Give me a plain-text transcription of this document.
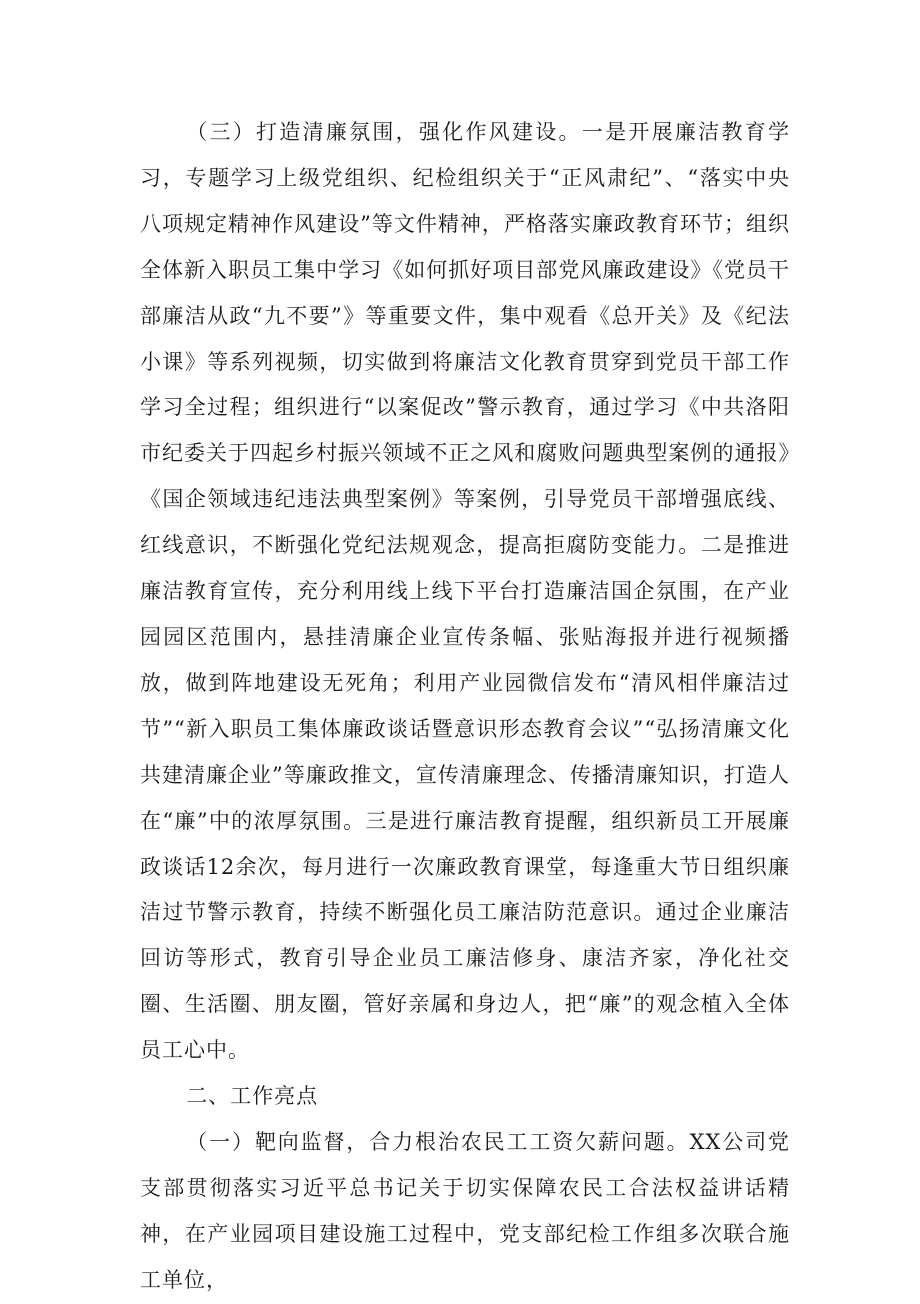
（三）打造清廉氛围，强化作风建设。一是开展廉洁教育学习，专题学习上级党组织、纪检组织关于“正风肃纪”、“落实中央八项规定精神作风建设”等文件精神，严格落实廉政教育环节；组织全体新入职员工集中学习《如何抓好项目部党风廉政建设》《党员干部廉洁从政“九不要”》等重要文件，集中观看《总开关》及《纪法小课》等系列视频，切实做到将廉洁文化教育贯穿到党员干部工作学习全过程；组织进行“以案促改”警示教育，通过学习《中共洛阳市纪委关于四起乡村振兴领域不正之风和腐败问题典型案例的通报》《国企领域违纪违法典型案例》等案例，引导党员干部增强底线、红线意识，不断强化党纪法规观念，提高拒腐防变能力。二是推进廉洁教育宣传，充分利用线上线下平台打造廉洁国企氛围，在产业园园区范围内，悬挂清廉企业宣传条幅、张贴海报并进行视频播放，做到阵地建设无死角；利用产业园微信发布“清风相伴廉洁过节”“新入职员工集体廉政谈话暨意识形态教育会议”“弘扬清廉文化共建清廉企业”等廉政推文，宣传清廉理念、传播清廉知识，打造人在“廉”中的浓厚氛围。三是进行廉洁教育提醒，组织新员工开展廉政谈话12余次，每月进行一次廉政教育课堂，每逢重大节日组织廉洁过节警示教育，持续不断强化员工廉洁防范意识。通过企业廉洁回访等形式，教育引导企业员工廉洁修身、康洁齐家，净化社交圈、生活圈、朋友圈，管好亲属和身边人，把“廉”的观念植入全体员工心中。

二、工作亮点

（一）靶向监督，合力根治农民工工资欠薪问题。XX公司党支部贯彻落实习近平总书记关于切实保障农民工合法权益讲话精神，在产业园项目建设施工过程中，党支部纪检工作组多次联合施工单位，
